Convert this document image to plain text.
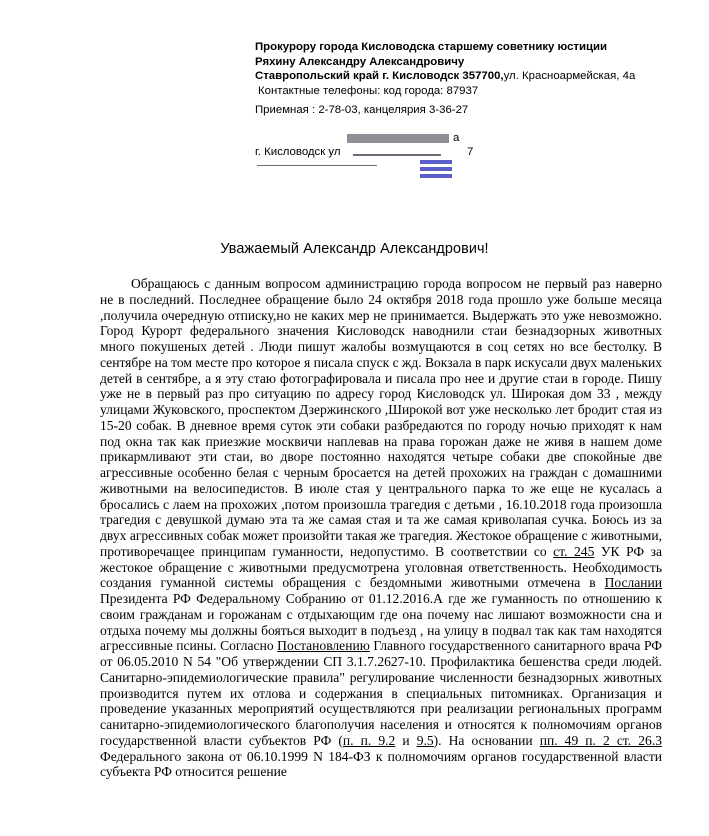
Прокурору города Кисловодска старшему советнику юстиции
Ряхину Александру Александровичу
Ставропольский край г. Кисловодск 357700,ул. Красноармейская, 4а
Контактные телефоны: код города: 87937
Приемная : 2-78-03, канцелярия 3-36-27
а
г. Кисловодск ул	7
Уважаемый Александр Александрович!

Обращаюсь с данным вопросом администрацию города вопросом не первый раз наверно не в последний. Последнее обращение было 24 октября 2018 года прошло уже больше месяца ,получила очередную отписку,но не каких мер не принимается. Выдержать это уже невозможно. Город Курорт федерального значения Кисловодск наводнили стаи безнадзорных животных много покушеных детей . Люди пишут жалобы возмущаются в соц сетях но все бестолку. В сентябре на том месте про которое я писала спуск с жд. Вокзала в парк искусали двух маленьких детей в сентябре, а я эту стаю фотографировала и писала про нее и другие стаи в городе. Пишу уже не в первый раз про ситуацию по адресу город Кисловодск ул. Широкая дом 33 , между улицами Жуковского, проспектом Дзержинского ,Широкой вот уже несколько лет бродит стая из 15-20 собак. В дневное время суток эти собаки разбредаются по городу ночью приходят к нам под окна так как приезжие москвичи наплевав на права горожан даже не живя в нашем доме прикармливают эти стаи, во дворе постоянно находятся четыре собаки две спокойные две агрессивные особенно белая с черным бросается на детей прохожих на граждан с домашними животными на велосипедистов. В июле стая у центрального парка то же еще не кусалась а бросались с лаем на прохожих ,потом произошла трагедия с детьми , 16.10.2018 года произошла трагедия с девушкой думаю эта та же самая стая и та же самая криволапая сучка. Боюсь из за двух агрессивных собак может произойти такая же трагедия. Жестокое обращение с животными, противоречащее принципам гуманности, недопустимо. В соответствии со ст. 245 УК РФ за жестокое обращение с животными предусмотрена уголовная ответственность. Необходимость создания гуманной системы обращения с бездомными животными отмечена в Послании Президента РФ Федеральному Собранию от 01.12.2016.А где же гуманность по отношению к своим гражданам и горожанам с отдыхающим где она почему нас лишают возможности сна и отдыха почему мы должны бояться выходит в подъезд , на улицу в подвал так как там находятся агрессивные псины. Согласно Постановлению Главного государственного санитарного врача РФ от 06.05.2010 N 54 "Об утверждении СП 3.1.7.2627-10. Профилактика бешенства среди людей. Санитарно-эпидемиологические правила" регулирование численности безнадзорных животных производится путем их отлова и содержания в специальных питомниках. Организация и проведение указанных мероприятий осуществляются при реализации региональных программ санитарно-эпидемиологического благополучия населения и относятся к полномочиям органов государственной власти субъектов РФ (п. п. 9.2 и 9.5). На основании пп. 49 п. 2 ст. 26.3 Федерального закона от 06.10.1999 N 184-ФЗ к полномочиям органов государственной власти субъекта РФ относится решение
